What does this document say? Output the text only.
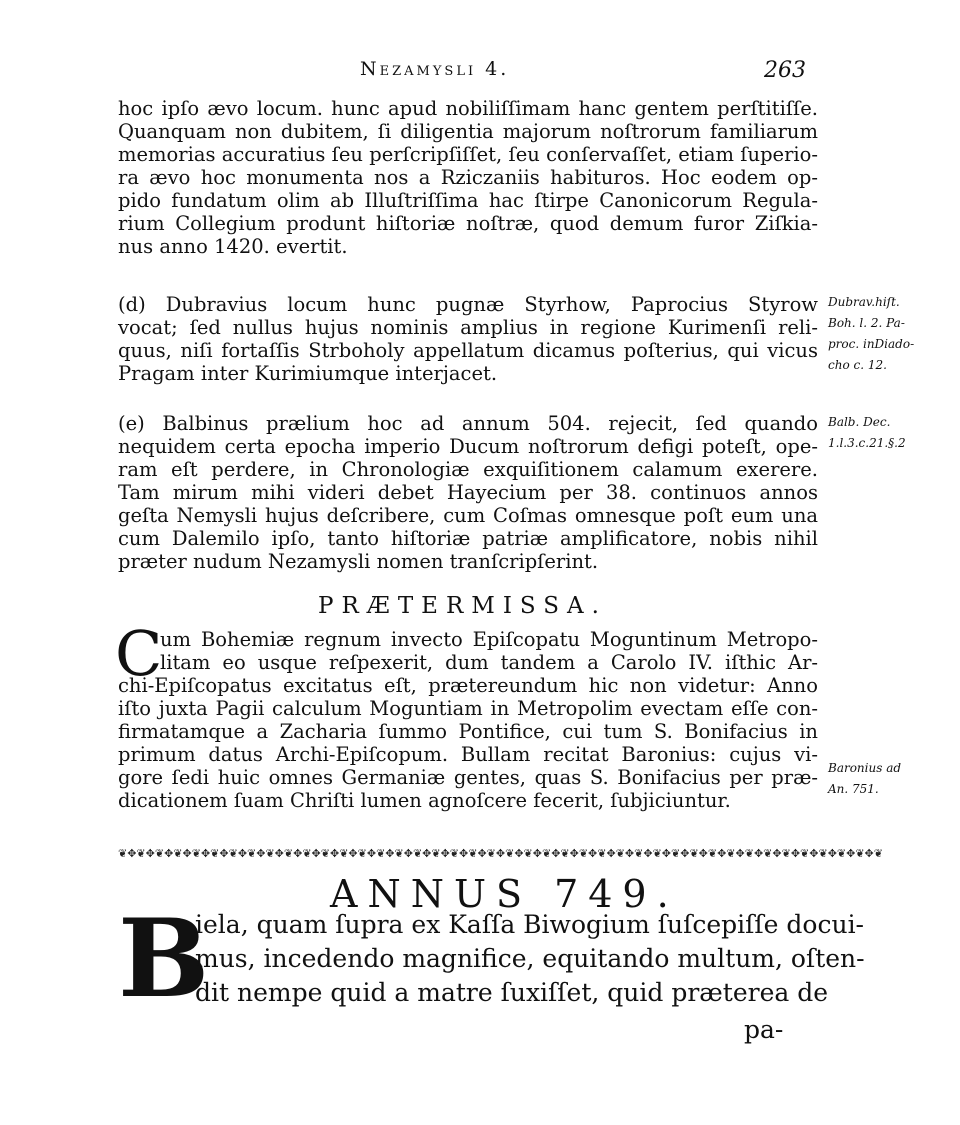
Nezamysli 4.	263
hoc ipſo ævo locum. hunc apud nobiliſſimam hanc gentem perſtitiſſe.
Quanquam non dubitem, ſi diligentia majorum noſtrorum familiarum
memorias accuratius ſeu perſcripſiſſet, ſeu conſervaſſet, etiam ſuperio-
ra ævo hoc monumenta nos a Rziczaniis habituros. Hoc eodem op-
pido fundatum olim ab Illuſtriſſima hac ſtirpe Canonicorum Regula-
rium Collegium produnt hiſtoriæ noſtræ, quod demum furor Ziſkia-
nus anno 1420. evertit.
(d) Dubravius locum hunc pugnæ Styrhow, Paprocius Styrow
vocat; ſed nullus hujus nominis amplius in regione Kurimenſi reli-
quus, niſi fortaſſis Strboholy appellatum dicamus poſterius, qui vicus
Pragam inter Kurimiumque interjacet.
Dubrav.hiſt.
Boh. l. 2. Pa-
proc. inDiado-
cho c. 12.
(e) Balbinus prælium hoc ad annum 504. rejecit, ſed quando
nequidem certa epocha imperio Ducum noſtrorum defigi poteſt, ope-
ram eſt perdere, in Chronologiæ exquiſitionem calamum exerere.
Tam mirum mihi videri debet Hayecium per 38. continuos annos
geſta Nemysli hujus deſcribere, cum Coſmas omnesque poſt eum una
cum Dalemilo ipſo, tanto hiſtoriæ patriæ amplificatore, nobis nihil
præter nudum Nezamysli nomen tranſcripſerint.
Balb. Dec.
1.l.3.c.21.§.2
PRÆTERMISSA.
C
um Bohemiæ regnum invecto Epiſcopatu Moguntinum Metropo-
litam eo usque reſpexerit, dum tandem a Carolo IV. iſthic Ar-
chi-Epiſcopatus excitatus eſt, prætereundum hic non videtur: Anno
iſto juxta Pagii calculum Moguntiam in Metropolim evectam eſſe con-
firmatamque a Zacharia ſummo Pontifice, cui tum S. Bonifacius in
primum datus Archi-Epiſcopum. Bullam recitat Baronius: cujus vi-
gore ſedi huic omnes Germaniæ gentes, quas S. Bonifacius per præ-
dicationem ſuam Chriſti lumen agnoſcere fecerit, ſubjiciuntur.
Baronius ad
An. 751.
❦✥❦✥❦✥❦✥❦✥❦✥❦✥❦✥❦✥❦✥❦✥❦✥❦✥❦✥❦✥❦✥❦✥❦✥❦✥❦✥❦✥❦✥❦✥❦✥❦✥❦✥❦✥❦✥❦✥❦✥❦✥❦✥❦✥❦✥❦✥❦✥❦✥❦✥❦✥❦✥❦✥❦
ANNUS 749.
B
iela, quam ſupra ex Kaſſa Biwogium ſuſcepiſſe docui-
mus, incedendo magnifice, equitando multum, oſten-
dit nempe quid a matre ſuxiſſet, quid præterea de
pa-
